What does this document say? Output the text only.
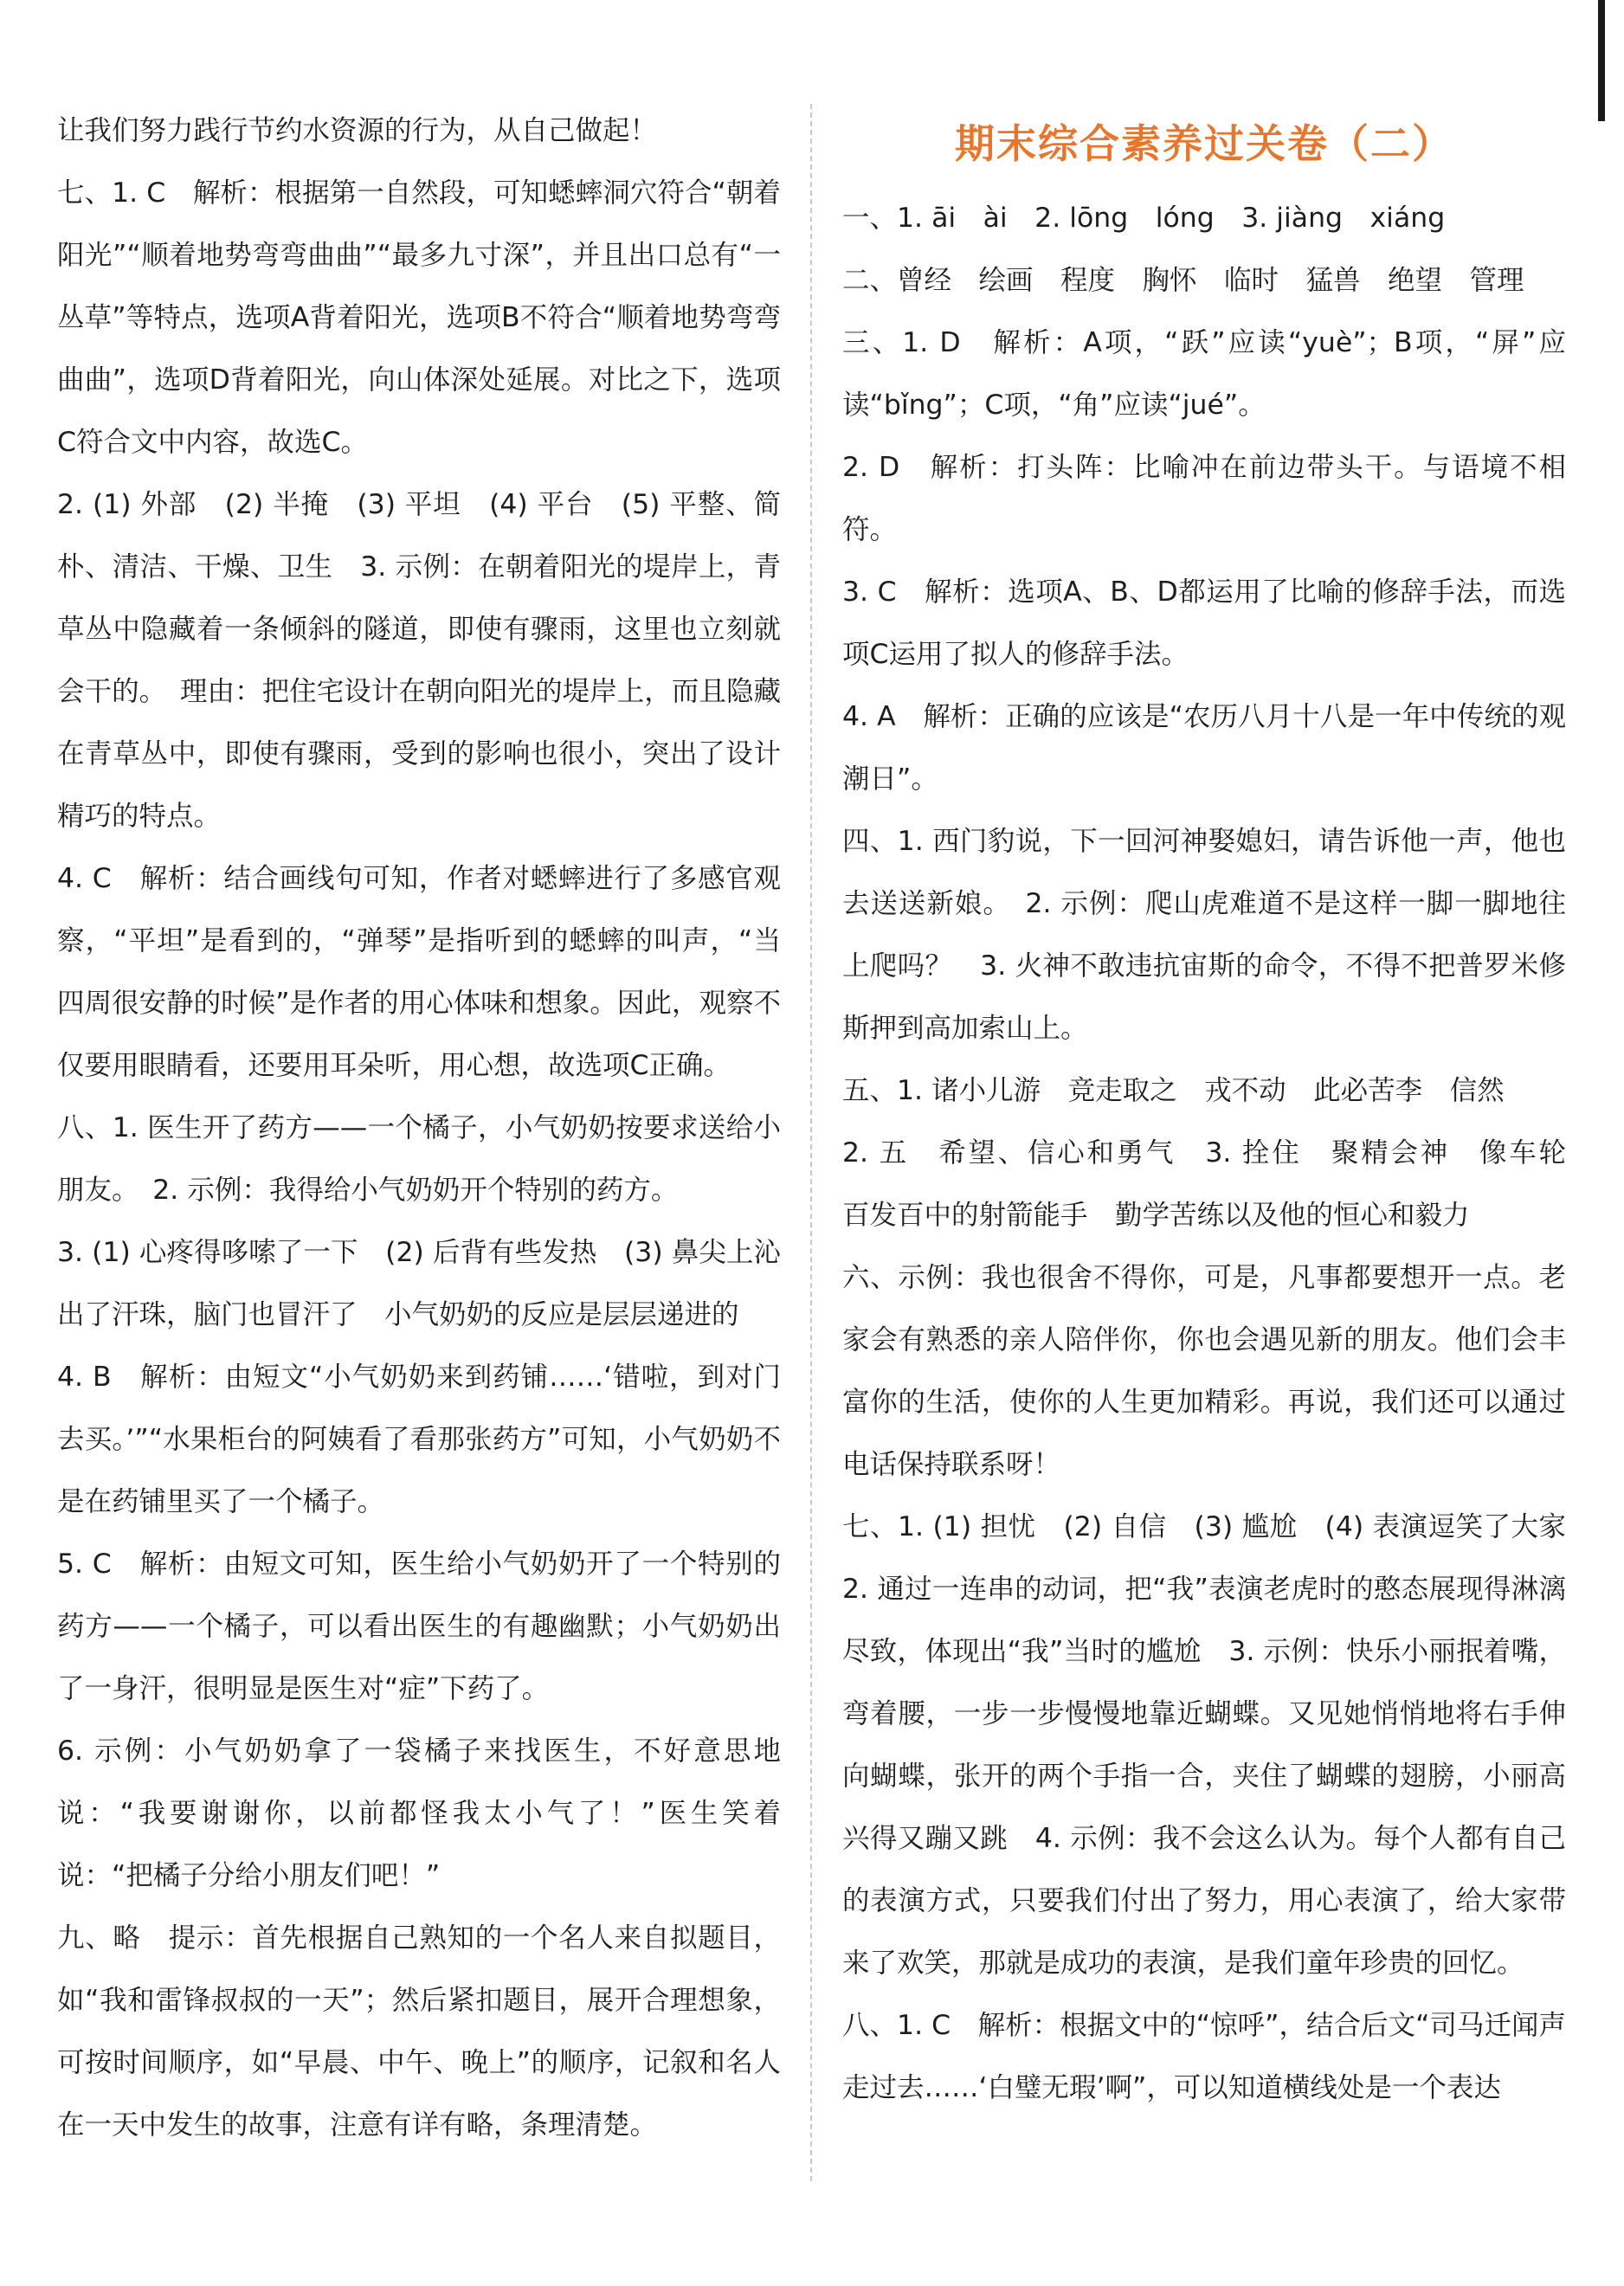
让我们努力践行节约水资源的行为，从自己做起！

七、1. C　解析：根据第一自然段，可知蟋蟀洞穴符合“朝着阳光”“顺着地势弯弯曲曲”“最多九寸深”，并且出口总有“一丛草”等特点，选项A背着阳光，选项B不符合“顺着地势弯弯曲曲”，选项D背着阳光，向山体深处延展。对比之下，选项C符合文中内容，故选C。

2. (1) 外部　(2) 半掩　(3) 平坦　(4) 平台　(5) 平整、简朴、清洁、干燥、卫生　3. 示例：在朝着阳光的堤岸上，青草丛中隐藏着一条倾斜的隧道，即使有骤雨，这里也立刻就会干的。　理由：把住宅设计在朝向阳光的堤岸上，而且隐藏在青草丛中，即使有骤雨，受到的影响也很小，突出了设计精巧的特点。

4. C　解析：结合画线句可知，作者对蟋蟀进行了多感官观察，“平坦”是看到的，“弹琴”是指听到的蟋蟀的叫声，“当四周很安静的时候”是作者的用心体味和想象。因此，观察不仅要用眼睛看，还要用耳朵听，用心想，故选项C正确。

八、1. 医生开了药方——一个橘子，小气奶奶按要求送给小朋友。　2. 示例：我得给小气奶奶开个特别的药方。

3. (1) 心疼得哆嗦了一下　(2) 后背有些发热　(3) 鼻尖上沁出了汗珠，脑门也冒汗了　小气奶奶的反应是层层递进的

4. B　解析：由短文“小气奶奶来到药铺……‘错啦，到对门去买。’”“水果柜台的阿姨看了看那张药方”可知，小气奶奶不是在药铺里买了一个橘子。

5. C　解析：由短文可知，医生给小气奶奶开了一个特别的药方——一个橘子，可以看出医生的有趣幽默；小气奶奶出了一身汗，很明显是医生对“症”下药了。

6. 示例：小气奶奶拿了一袋橘子来找医生，不好意思地说：“我要谢谢你，以前都怪我太小气了！”医生笑着说：“把橘子分给小朋友们吧！”

九、略　提示：首先根据自己熟知的一个名人来自拟题目，如“我和雷锋叔叔的一天”；然后紧扣题目，展开合理想象，可按时间顺序，如“早晨、中午、晚上”的顺序，记叙和名人在一天中发生的故事，注意有详有略，条理清楚。

期末综合素养过关卷（二）

一、1. āi　ài　2. lōng　lóng　3. jiàng　xiáng

二、曾经　绘画　程度　胸怀　临时　猛兽　绝望　管理

三、1. D　解析：A项，“跃”应读“yuè”；B项，“屏”应读“bǐng”；C项，“角”应读“jué”。

2. D　解析：打头阵：比喻冲在前边带头干。与语境不相符。

3. C　解析：选项A、B、D都运用了比喻的修辞手法，而选项C运用了拟人的修辞手法。

4. A　解析：正确的应该是“农历八月十八是一年中传统的观潮日”。

四、1. 西门豹说，下一回河神娶媳妇，请告诉他一声，他也去送送新娘。　2. 示例：爬山虎难道不是这样一脚一脚地往上爬吗？　3. 火神不敢违抗宙斯的命令，不得不把普罗米修斯押到高加索山上。

五、1. 诸小儿游　竞走取之　戎不动　此必苦李　信然

2. 五　希望、信心和勇气　3. 拴住　聚精会神　像车轮　百发百中的射箭能手　勤学苦练以及他的恒心和毅力

六、示例：我也很舍不得你，可是，凡事都要想开一点。老家会有熟悉的亲人陪伴你，你也会遇见新的朋友。他们会丰富你的生活，使你的人生更加精彩。再说，我们还可以通过电话保持联系呀！

七、1. (1) 担忧　(2) 自信　(3) 尴尬　(4) 表演逗笑了大家　2. 通过一连串的动词，把“我”表演老虎时的憨态展现得淋漓尽致，体现出“我”当时的尴尬　3. 示例：快乐小丽抿着嘴，弯着腰，一步一步慢慢地靠近蝴蝶。又见她悄悄地将右手伸向蝴蝶，张开的两个手指一合，夹住了蝴蝶的翅膀，小丽高兴得又蹦又跳　4. 示例：我不会这么认为。每个人都有自己的表演方式，只要我们付出了努力，用心表演了，给大家带来了欢笑，那就是成功的表演，是我们童年珍贵的回忆。

八、1. C　解析：根据文中的“惊呼”，结合后文“司马迁闻声走过去……‘白璧无瑕’啊”，可以知道横线处是一个表达
